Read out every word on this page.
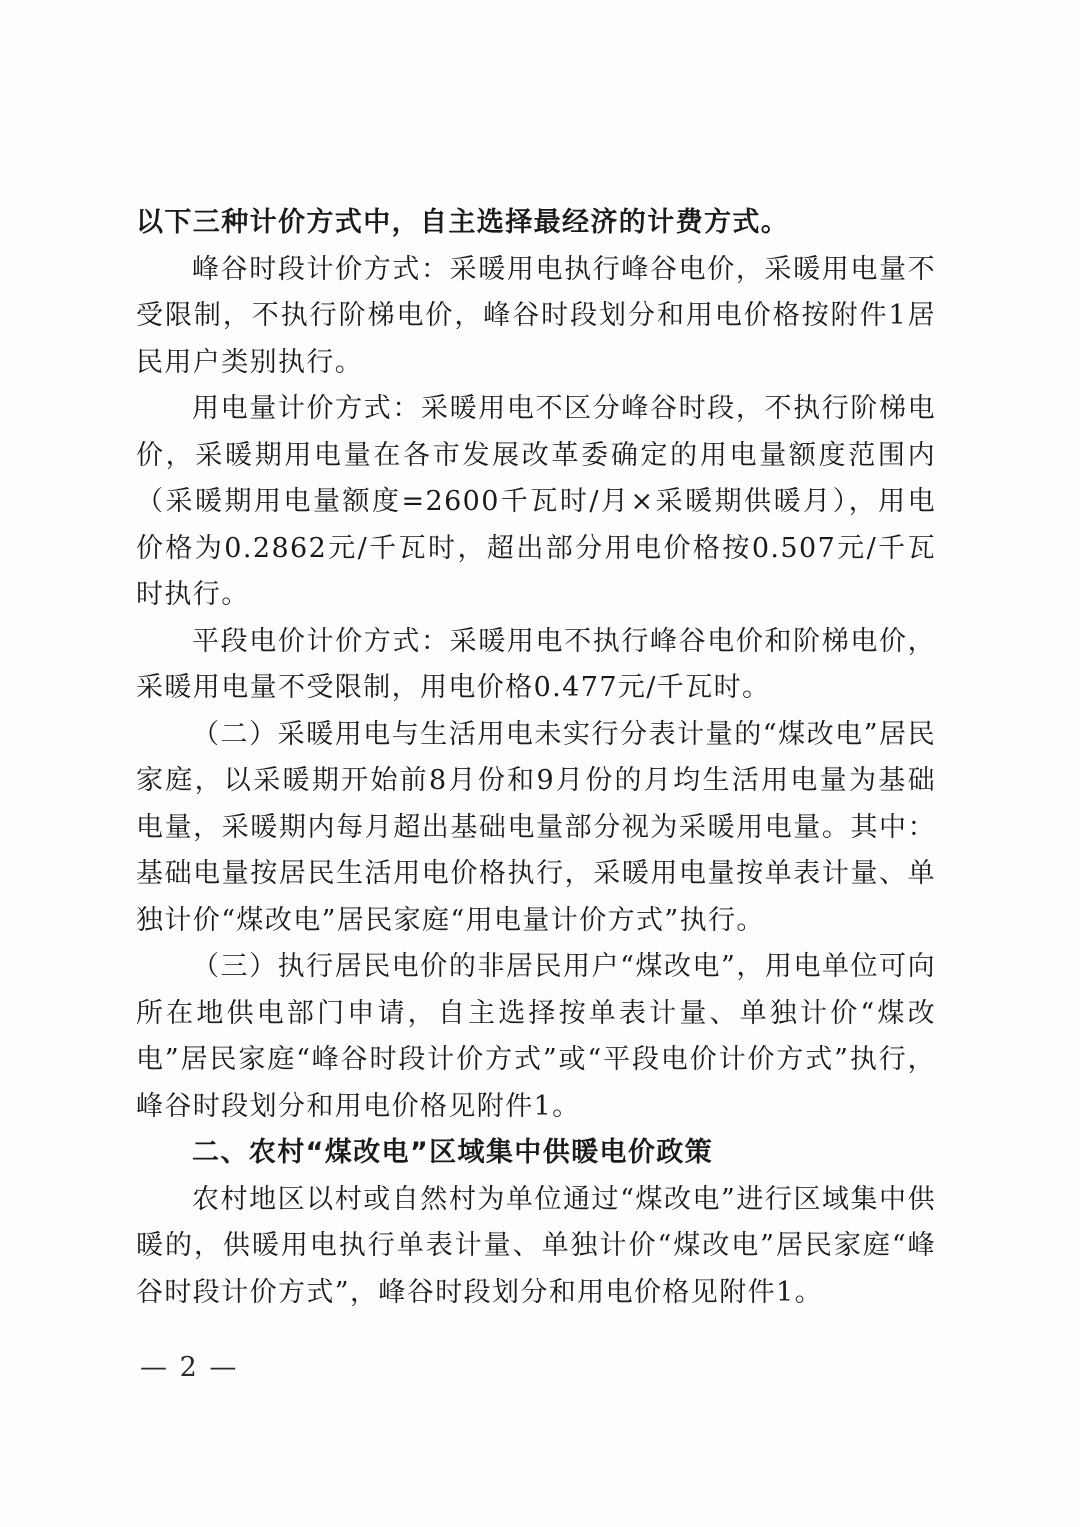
以下三种计价方式中，自主选择最经济的计费方式。

峰谷时段计价方式：采暖用电执行峰谷电价，采暖用电量不受限制，不执行阶梯电价，峰谷时段划分和用电价格按附件1居民用户类别执行。

用电量计价方式：采暖用电不区分峰谷时段，不执行阶梯电价，采暖期用电量在各市发展改革委确定的用电量额度范围内（采暖期用电量额度=2600千瓦时/月×采暖期供暖月），用电价格为0.2862元/千瓦时，超出部分用电价格按0.507元/千瓦时执行。

平段电价计价方式：采暖用电不执行峰谷电价和阶梯电价，采暖用电量不受限制，用电价格0.477元/千瓦时。

（二）采暖用电与生活用电未实行分表计量的“煤改电”居民家庭，以采暖期开始前8月份和9月份的月均生活用电量为基础电量，采暖期内每月超出基础电量部分视为采暖用电量。其中：基础电量按居民生活用电价格执行，采暖用电量按单表计量、单独计价“煤改电”居民家庭“用电量计价方式”执行。

（三）执行居民电价的非居民用户“煤改电”，用电单位可向所在地供电部门申请，自主选择按单表计量、单独计价“煤改电”居民家庭“峰谷时段计价方式”或“平段电价计价方式”执行，峰谷时段划分和用电价格见附件1。

二、农村“煤改电”区域集中供暖电价政策

农村地区以村或自然村为单位通过“煤改电”进行区域集中供暖的，供暖用电执行单表计量、单独计价“煤改电”居民家庭“峰谷时段计价方式”，峰谷时段划分和用电价格见附件1。

— 2 —
